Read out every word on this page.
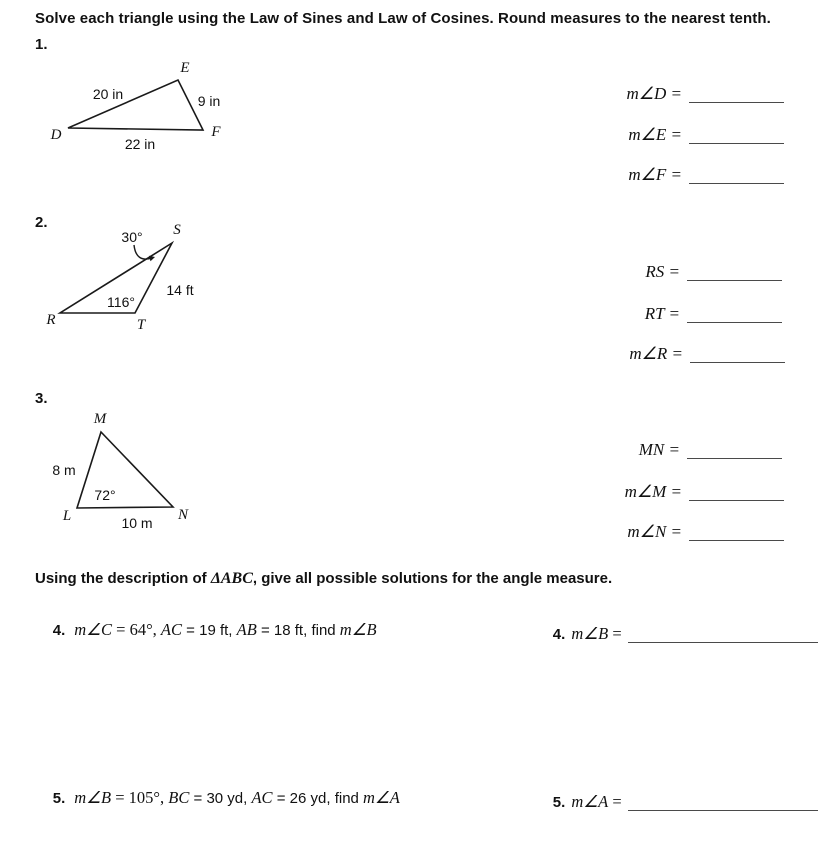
Solve each triangle using the Law of Sines and Law of Cosines. Round measures to the nearest tenth.
1.
D
E
F
20 in	9 in
22 in

m∠D =

m∠E =

m∠F =

2.	S
R	T
30°
116°
14 ft

RS =

RT =

m∠R =

3.
M
L	N
8 m
72°
10 m

MN =

m∠M =

m∠N =

Using the description of ΔABC, give all possible solutions for the angle measure.

4. m∠C = 64°, AC = 19 ft, AB = 18 ft, find m∠B
	4. m∠B =

5. m∠B = 105°, BC = 30 yd, AC = 26 yd, find m∠A
	5. m∠A =
